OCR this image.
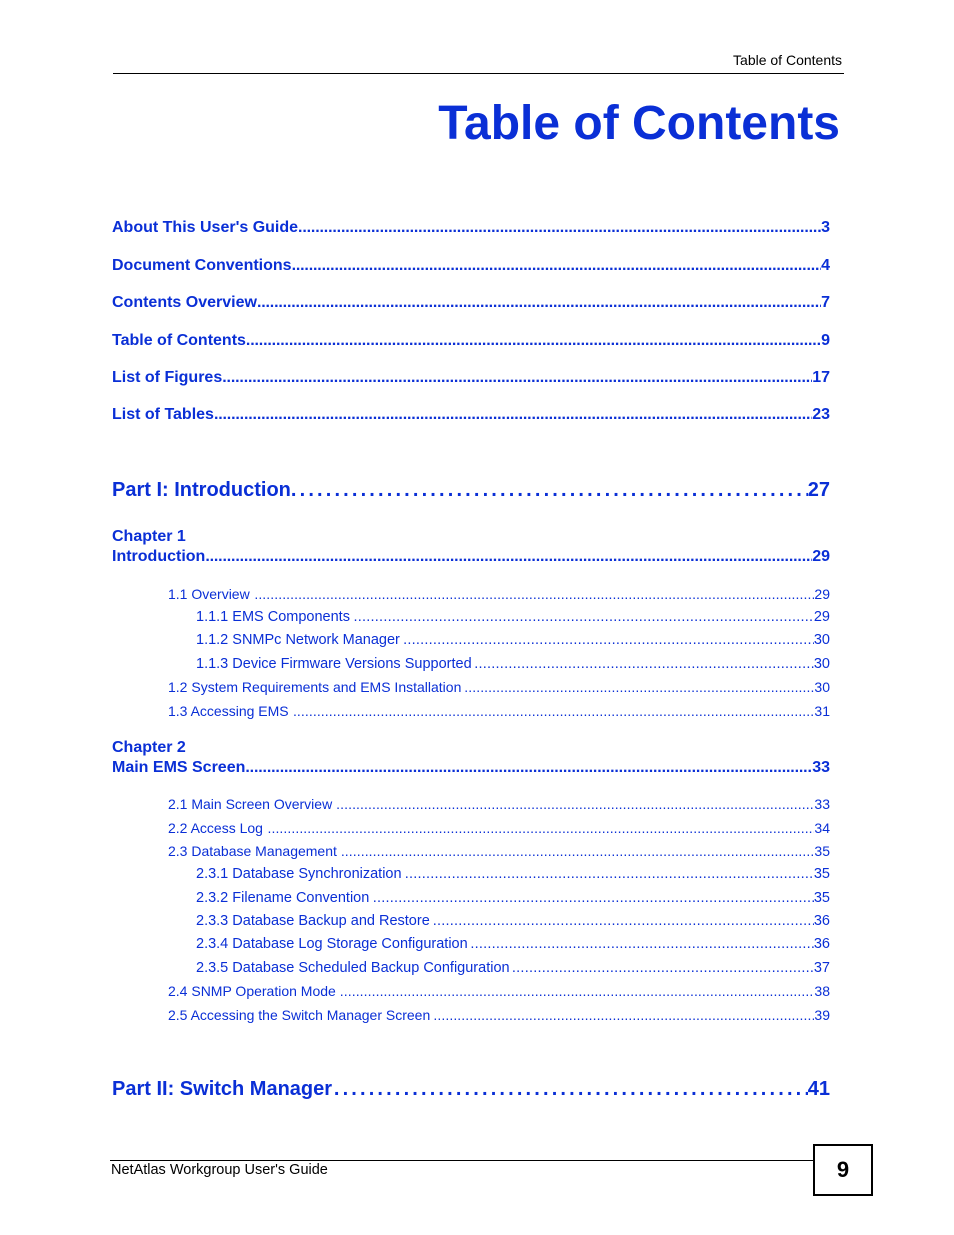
Table of Contents
Table of Contents
About This User's Guide . . .	3
Document Conventions . . .	4
Contents Overview . . .	7
Table of Contents . . .	9
List of Figures . . .	17
List of Tables . . .	23
Part I: Introduction . . .	27
Chapter 1
Introduction . . .	29
1.1 Overview . . .	29
1.1.1 EMS Components . . .	29
1.1.2 SNMPc Network Manager . . .	30
1.1.3 Device Firmware Versions Supported . . .	30
1.2 System Requirements and EMS Installation . . .	30
1.3 Accessing EMS . . .	31
Chapter 2
Main EMS Screen . . .	33
2.1 Main Screen Overview . . .	33
2.2 Access Log . . .	34
2.3 Database Management . . .	35
2.3.1 Database Synchronization . . .	35
2.3.2 Filename Convention . . .	35
2.3.3 Database Backup and Restore . . .	36
2.3.4 Database Log Storage Configuration . . .	36
2.3.5 Database Scheduled Backup Configuration . . .	37
2.4 SNMP Operation Mode . . .	38
2.5 Accessing the Switch Manager Screen . . .	39
Part II: Switch Manager . . .	41
NetAtlas Workgroup User's Guide	9
